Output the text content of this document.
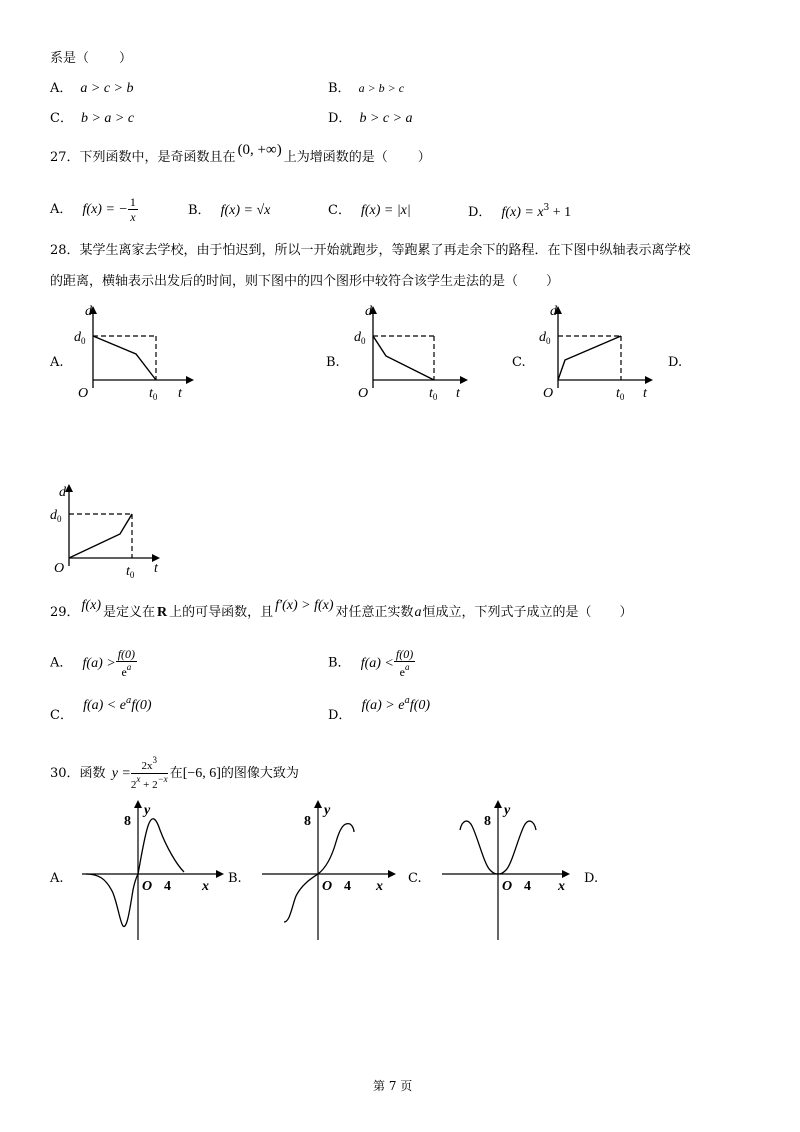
系是（ ）
A． a > c > b	B． a > b > c
C． b > a > c	D． b > c > a
27．下列函数中，是奇函数且在 (0, +∞) 上为增函数的是（ ）
A． f(x) = − $\frac{1}{x}$	B． f(x) = √x	C． f(x) = |x|	D． $f(x) = x^3 + 1$
28．某学生离家去学校，由于怕迟到，所以一开始就跑步，等跑累了再走余下的路程．在下图中纵轴表示离学校
的距离，横轴表示出发后的时间，则下图中的四个图形中较符合该学生走法的是（ ）
A.
d
$d_0$
O	$t_0$ t
B.
d
$d_0$
O	$t_0$ t
C.
d
$d_0$
O	$t_0$ t
D.
d
$d_0$
O	$t_0$ t
29． f(x) 是定义在 R 上的可导函数，且 f′(x) > f(x) 对任意正实数a恒成立，下列式子成立的是（ ）
A． $f(a) > \frac{f(0)}{e^a}$	B． $f(a) < \frac{f(0)}{e^a}$
C． $f(a) < e^af(0)$
D． $f(a) > e^af(0)$
30．函数 $y = \frac{2x^3}{2^x + 2^{-x}}$ 在[−6, 6]的图像大致为
A.
y
8
O 4 x
B.
y
8
O 4 x
C.
y
8
O 4 x
D.
第 7 页
